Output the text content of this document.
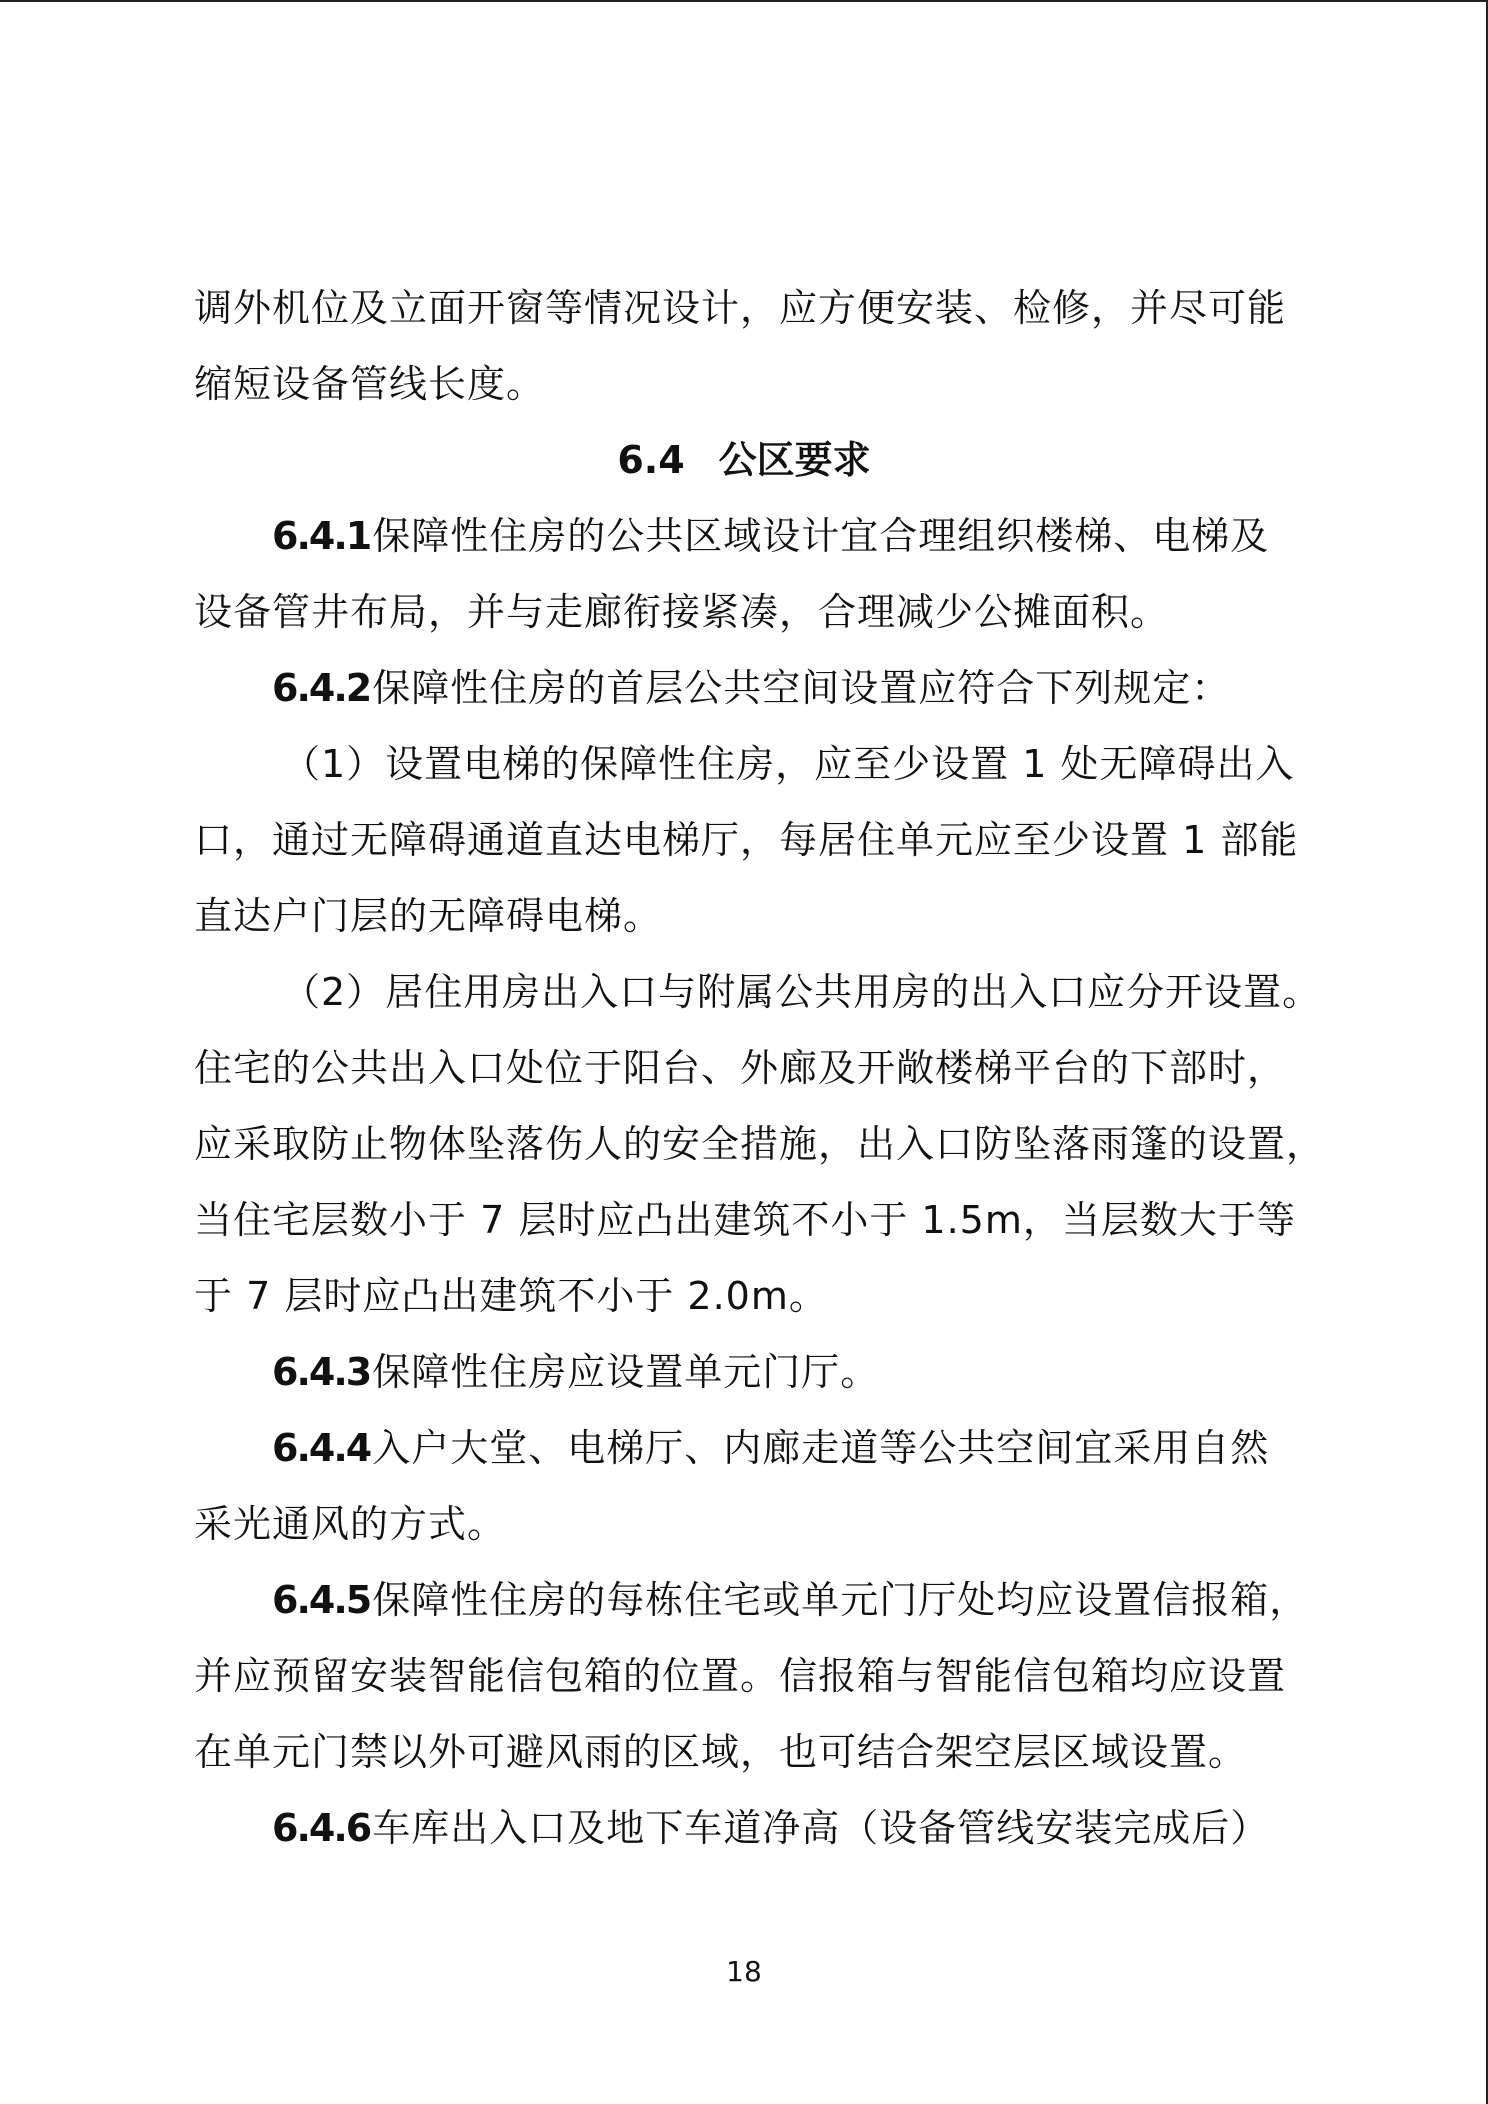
调外机位及立面开窗等情况设计，应方便安装、检修，并尽可能
缩短设备管线长度。
6.4 公区要求
6.4.1保障性住房的公共区域设计宜合理组织楼梯、电梯及
设备管井布局，并与走廊衔接紧凑，合理减少公摊面积。
6.4.2保障性住房的首层公共空间设置应符合下列规定：
（1）设置电梯的保障性住房，应至少设置 1 处无障碍出入
口，通过无障碍通道直达电梯厅，每居住单元应至少设置 1 部能
直达户门层的无障碍电梯。
（2）居住用房出入口与附属公共用房的出入口应分开设置。
住宅的公共出入口处位于阳台、外廊及开敞楼梯平台的下部时，
应采取防止物体坠落伤人的安全措施，出入口防坠落雨篷的设置，
当住宅层数小于 7 层时应凸出建筑不小于 1.5m，当层数大于等
于 7 层时应凸出建筑不小于 2.0m。
6.4.3保障性住房应设置单元门厅。
6.4.4入户大堂、电梯厅、内廊走道等公共空间宜采用自然
采光通风的方式。
6.4.5保障性住房的每栋住宅或单元门厅处均应设置信报箱，
并应预留安装智能信包箱的位置。信报箱与智能信包箱均应设置
在单元门禁以外可避风雨的区域，也可结合架空层区域设置。
6.4.6车库出入口及地下车道净高（设备管线安装完成后）
18
